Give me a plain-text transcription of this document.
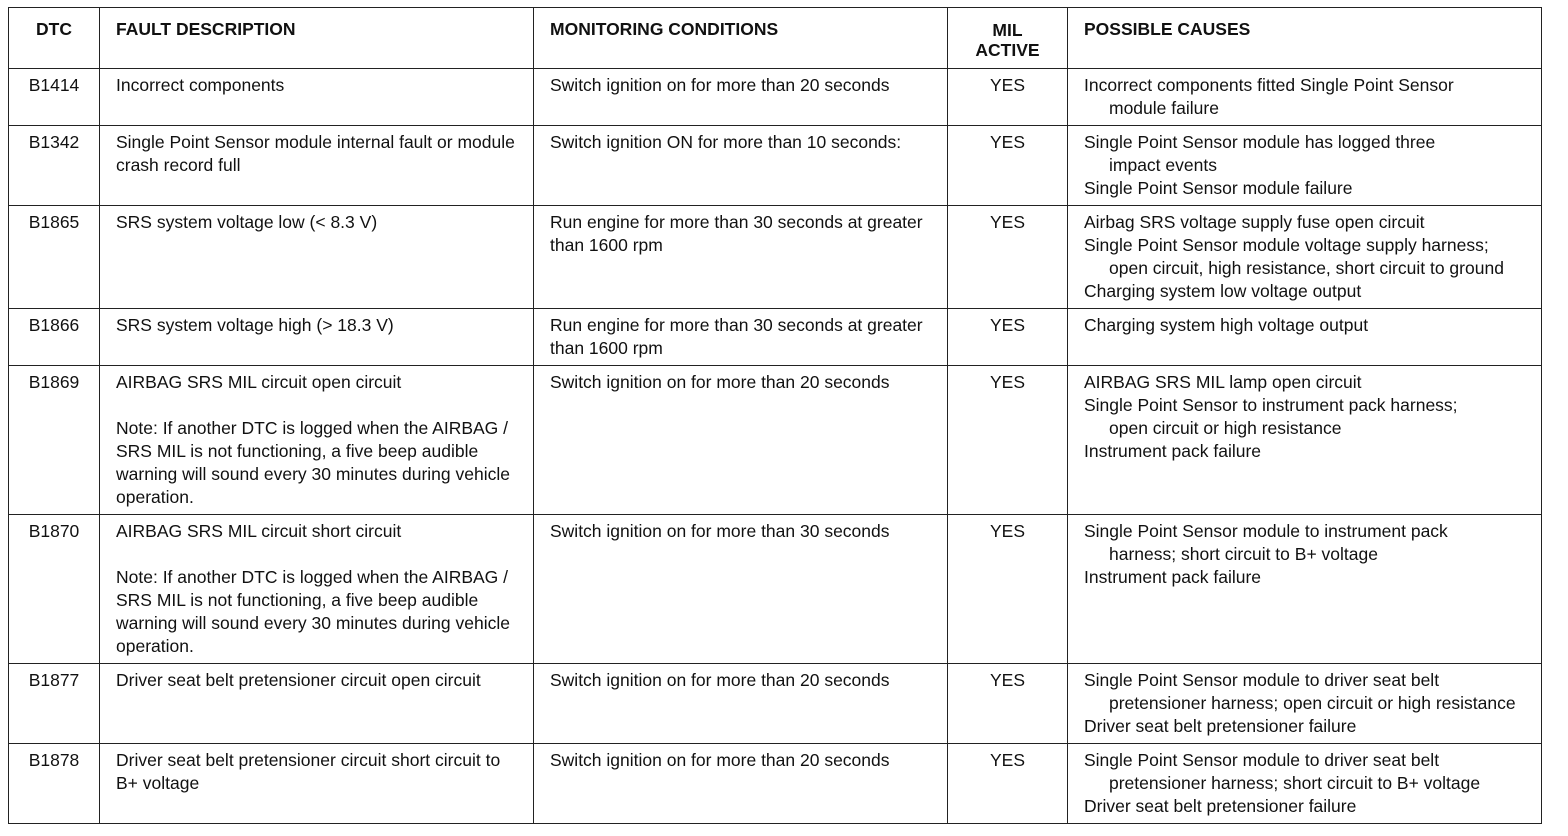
DTC	FAULT DESCRIPTION	MONITORING CONDITIONS	MIL
ACTIVE	POSSIBLE CAUSES
B1414	Incorrect components	Switch ignition on for more than 20 seconds	YES	Incorrect components fitted Single Point Sensor
module failure

B1342	Single Point Sensor module internal fault or module crash record full	Switch ignition ON for more than 10 seconds:	YES	Single Point Sensor module has logged three
impact events
Single Point Sensor module failure

B1865	SRS system voltage low (< 8.3 V)	Run engine for more than 30 seconds at greater than 1600 rpm	YES	Airbag SRS voltage supply fuse open circuit
Single Point Sensor module voltage supply harness;
open circuit, high resistance, short circuit to ground
Charging system low voltage output

B1866	SRS system voltage high (> 18.3 V)	Run engine for more than 30 seconds at greater than 1600 rpm	YES	Charging system high voltage output

B1869	AIRBAG SRS MIL circuit open circuit
Note: If another DTC is logged when the AIRBAG / SRS MIL is not functioning, a five beep audible warning will sound every 30 minutes during vehicle operation.	Switch ignition on for more than 20 seconds	YES	AIRBAG SRS MIL lamp open circuit
Single Point Sensor to instrument pack harness;
open circuit or high resistance
Instrument pack failure

B1870	AIRBAG SRS MIL circuit short circuit
Note: If another DTC is logged when the AIRBAG / SRS MIL is not functioning, a five beep audible warning will sound every 30 minutes during vehicle operation.	Switch ignition on for more than 30 seconds	YES	Single Point Sensor module to instrument pack
harness; short circuit to B+ voltage
Instrument pack failure

B1877	Driver seat belt pretensioner circuit open circuit	Switch ignition on for more than 20 seconds	YES	Single Point Sensor module to driver seat belt
pretensioner harness; open circuit or high resistance
Driver seat belt pretensioner failure

B1878	Driver seat belt pretensioner circuit short circuit to B+ voltage	Switch ignition on for more than 20 seconds	YES	Single Point Sensor module to driver seat belt
pretensioner harness; short circuit to B+ voltage
Driver seat belt pretensioner failure
